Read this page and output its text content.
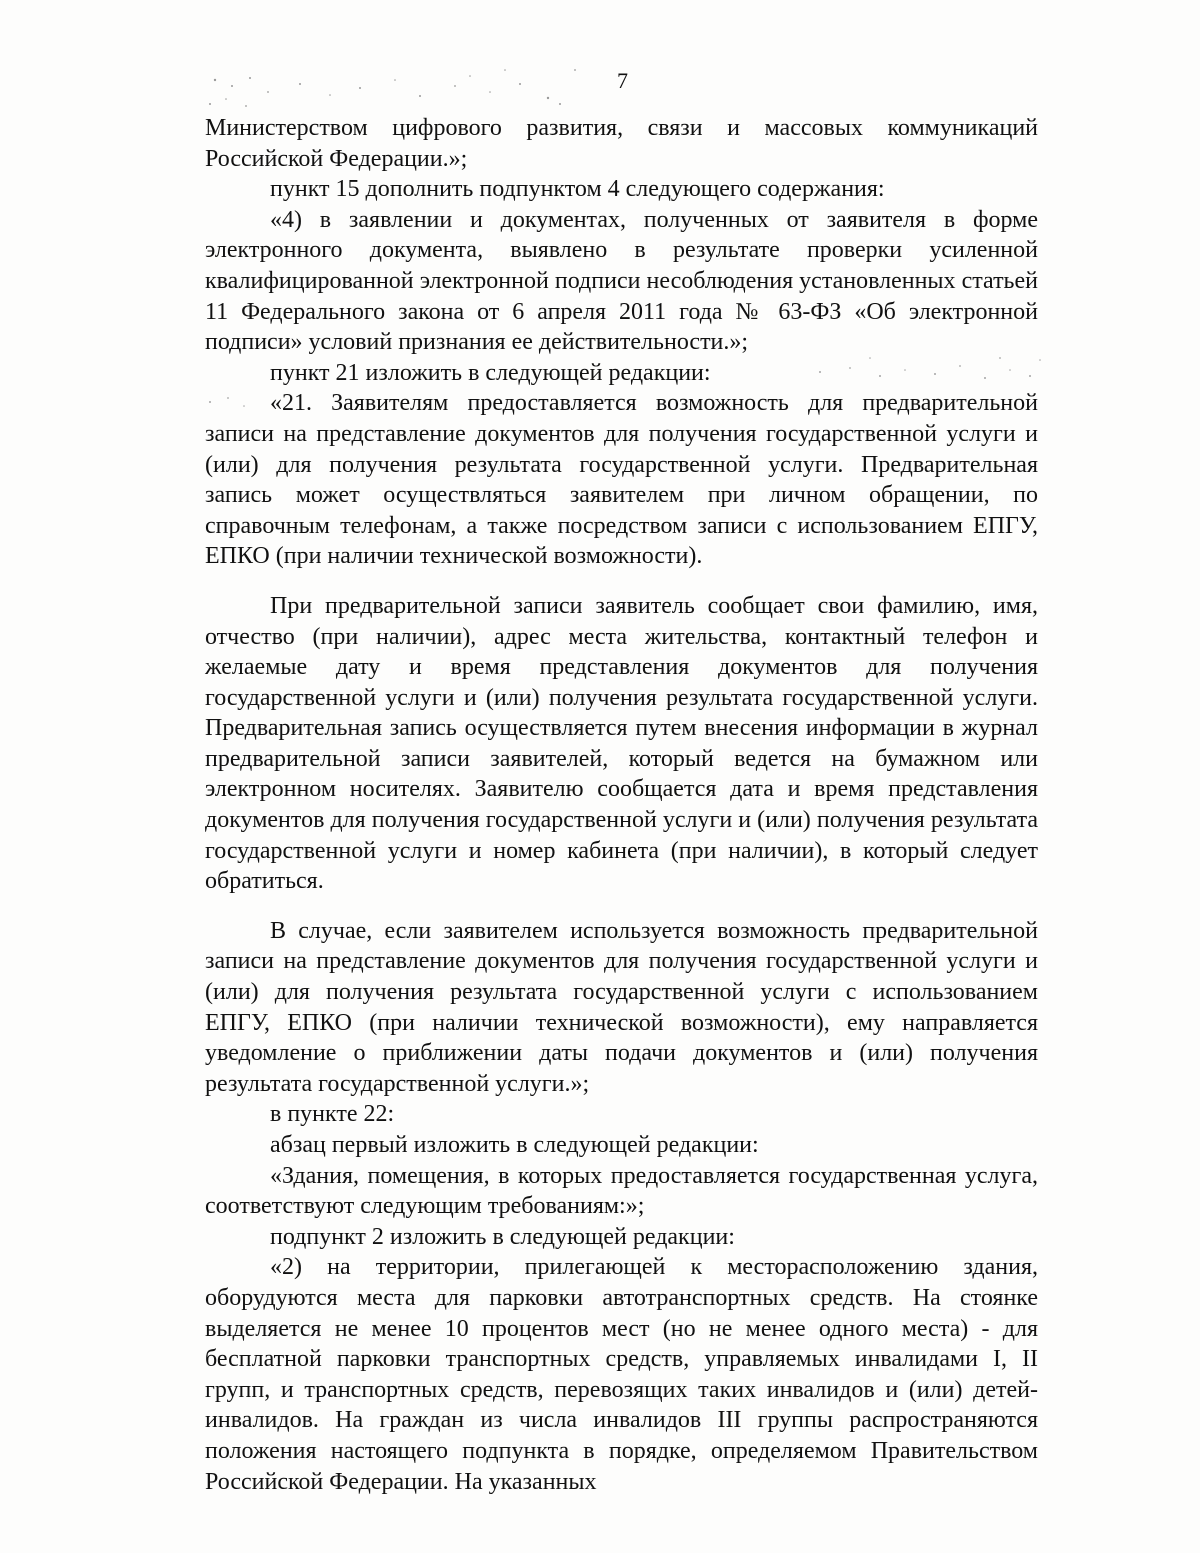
7

Министерством цифрового развития, связи и массовых коммуникаций Российской Федерации.»;

пункт 15 дополнить подпунктом 4 следующего содержания:

«4) в заявлении и документах, полученных от заявителя в форме электронного документа, выявлено в результате проверки усиленной квалифицированной электронной подписи несоблюдения установленных статьей 11 Федерального закона от 6 апреля 2011 года № 63-ФЗ «Об электронной подписи» условий признания ее действительности.»;

пункт 21 изложить в следующей редакции:

«21. Заявителям предоставляется возможность для предварительной записи на представление документов для получения государственной услуги и (или) для получения результата государственной услуги. Предварительная запись может осуществляться заявителем при личном обращении, по справочным телефонам, а также посредством записи с использованием ЕПГУ, ЕПКО (при наличии технической возможности).

При предварительной записи заявитель сообщает свои фамилию, имя, отчество (при наличии), адрес места жительства, контактный телефон и желаемые дату и время представления документов для получения государственной услуги и (или) получения результата государственной услуги. Предварительная запись осуществляется путем внесения информации в журнал предварительной записи заявителей, который ведется на бумажном или электронном носителях. Заявителю сообщается дата и время представления документов для получения государственной услуги и (или) получения результата государственной услуги и номер кабинета (при наличии), в который следует обратиться.

В случае, если заявителем используется возможность предварительной записи на представление документов для получения государственной услуги и (или) для получения результата государственной услуги с использованием ЕПГУ, ЕПКО (при наличии технической возможности), ему направляется уведомление о приближении даты подачи документов и (или) получения результата государственной услуги.»;

в пункте 22:

абзац первый изложить в следующей редакции:

«Здания, помещения, в которых предоставляется государственная услуга, соответствуют следующим требованиям:»;

подпункт 2 изложить в следующей редакции:

«2) на территории, прилегающей к месторасположению здания, оборудуются места для парковки автотранспортных средств. На стоянке выделяется не менее 10 процентов мест (но не менее одного места) - для бесплатной парковки транспортных средств, управляемых инвалидами I, II групп, и транспортных средств, перевозящих таких инвалидов и (или) детей-инвалидов. На граждан из числа инвалидов III группы распространяются положения настоящего подпункта в порядке, определяемом Правительством Российской Федерации. На указанных
